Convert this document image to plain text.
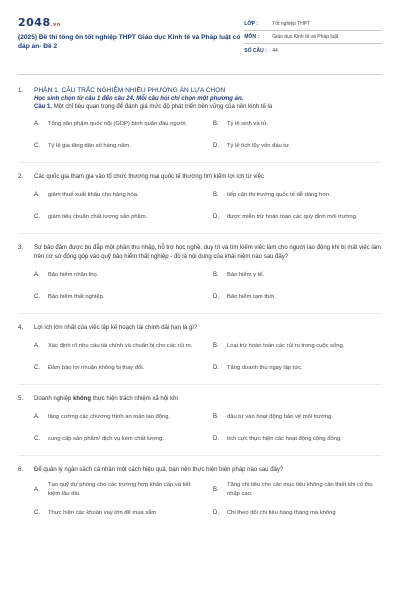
2048.vn
(2025) Đề thi tổng ôn tốt nghiệp THPT Giáo dục Kinh tế và Pháp luật có đáp án- Đề 2
LỚP :	Tốt nghiệp THPT
MÔN :	Giáo dục Kinh tế và Pháp luật
SỐ CÂU :	44
1.	PHẦN 1. CÂU TRẮC NGHIỆM NHIỀU PHƯƠNG ÁN LỰA CHỌN
Học sinh chọn từ câu 1 đến câu 24. Mỗi câu hỏi chỉ chọn một phương án.
Câu 1. Một chỉ tiêu quan trọng để đánh giá mức độ phát triển bền vững của nền kinh tế là
A.	Tổng sản phẩm quốc nội (GDP) bình quân đầu người.	B.	Tỷ lệ sinh và tử.
C.	Tỷ lệ gia tăng dân số hàng năm.	D.	Tỷ lệ tích lũy vốn đầu tư.
2.	Các quốc gia tham gia vào tổ chức thương mại quốc tế thường tìm kiếm lợi ích từ việc
A.	giảm thuế xuất khẩu cho hàng hóa.	B.	tiếp cận thị trường quốc tế dễ dàng hơn.
C.	giảm tiêu chuẩn chất lượng sản phẩm.	D.	được miễn trừ hoàn toàn các quy định môi trường.
3.	Sự bảo đảm được bù đắp một phần thu nhập, hỗ trợ học nghề, duy trì và tìm kiếm việc làm cho người lao động khi bị mất việc làm trên cơ sở đóng góp vào quỹ bảo hiểm thất nghiệp - đó là nội dung của khái niệm nào sau đây?
A.	Bảo hiểm nhân thọ.	B.	Bảo hiểm y tế.
C.	Bảo hiểm thất nghiệp.	D.	Bảo hiểm tạm thời.
4.	Lợi ích lớn nhất của việc lập kế hoạch tài chính dài hạn là gì?
A.	Xác định rõ nhu cầu tài chính và chuẩn bị cho các rủi ro.	B.	Loại trừ hoàn toàn các rủi ro trong cuộc sống.
C.	Đảm bảo lợi nhuận không bị thay đổi.	D.	Tăng doanh thu ngay lập tức.
5.	Doanh nghiệp không thực hiện trách nhiệm xã hội khi
A.	tăng cường các chương trình an toàn lao động.	B.	đầu tư vào hoạt động bảo vệ môi trường.
C.	cung cấp sản phẩm/ dịch vụ kém chất lượng.	D.	tích cực thực hiện các hoạt động cộng đồng.
6.	Để quản lý ngân sách cá nhân một cách hiệu quả, bạn nên thực hiện biện pháp nào sau đây?
A.
Tạo quỹ dự phòng cho các trường hợp khẩn cấp và tiết kiệm lâu dài.
B.
Tăng chi tiêu cho các mục tiêu không cần thiết khi có thu nhập cao.
C.	Thực hiện các khoản vay lớn để mua sắm	D.	Chỉ theo dõi chi tiêu hàng tháng mà không
